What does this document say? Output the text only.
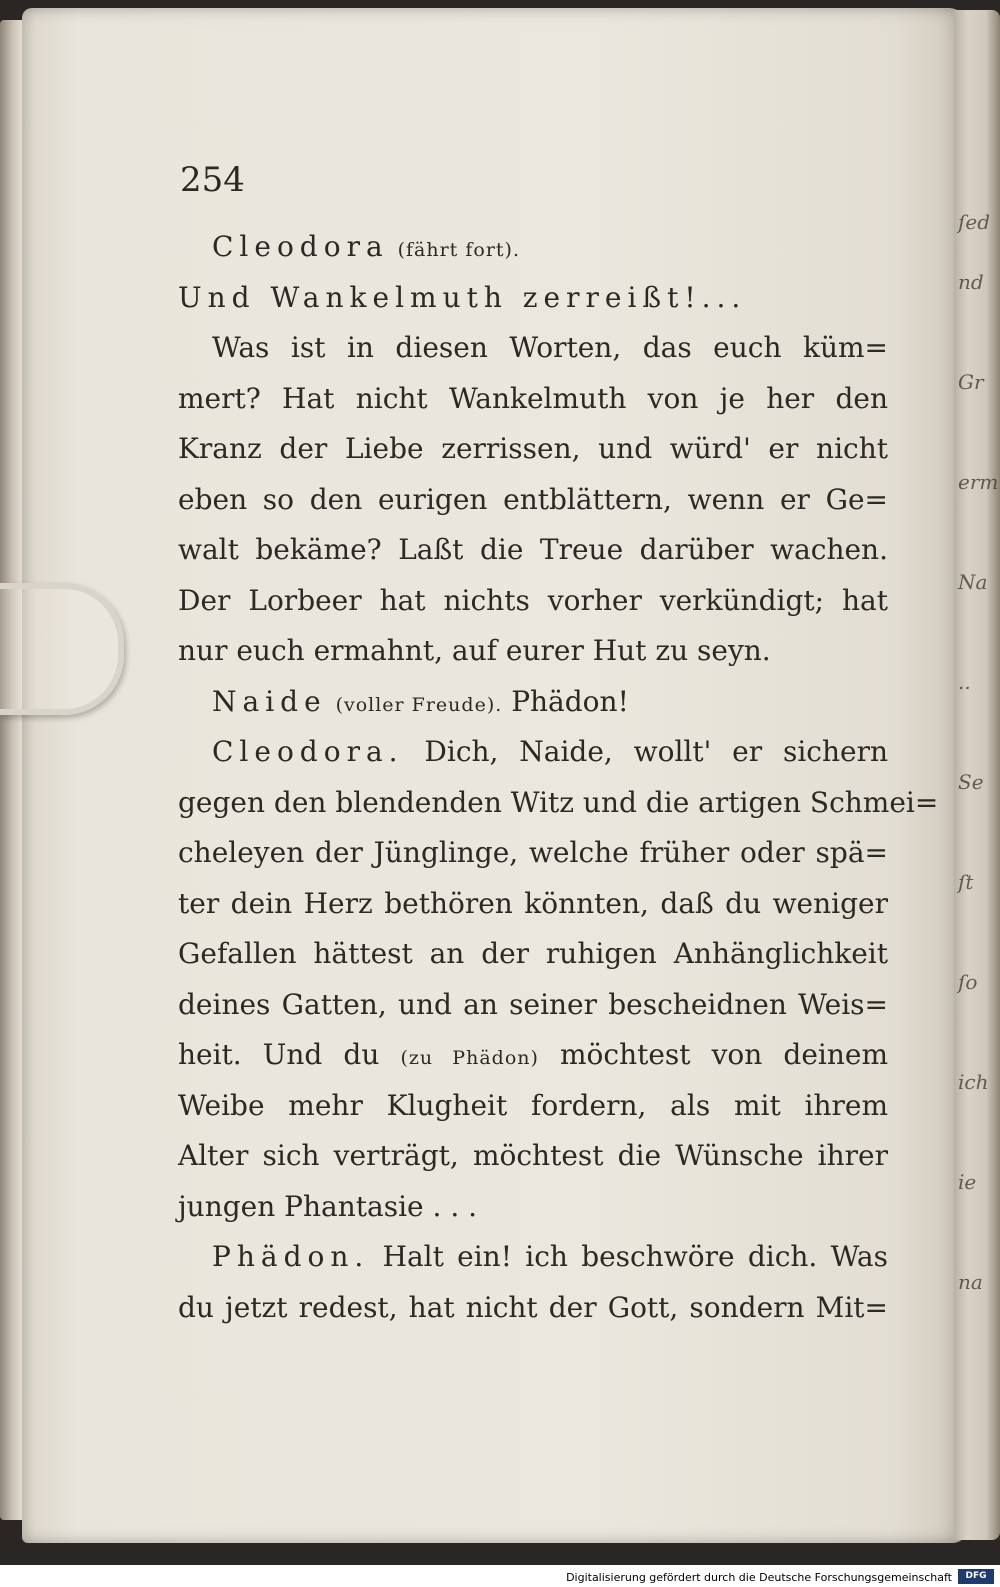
ſed
nd
Gr
erm
Na
..
Se
ſt
ſo
ich
ie
na
254
Cleodora (fährt fort).
Und Wankelmuth zerreißt!...
Was ist in diesen Worten, das euch küm=
mert? Hat nicht Wankelmuth von je her den
Kranz der Liebe zerrissen, und würd' er nicht
eben so den eurigen entblättern, wenn er Ge=
walt bekäme? Laßt die Treue darüber wachen.
Der Lorbeer hat nichts vorher verkündigt; hat
nur euch ermahnt, auf eurer Hut zu seyn.
Naide (voller Freude). Phädon!
Cleodora. Dich, Naide, wollt' er sichern
gegen den blendenden Witz und die artigen Schmei=
cheleyen der Jünglinge, welche früher oder spä=
ter dein Herz bethören könnten, daß du weniger
Gefallen hättest an der ruhigen Anhänglichkeit
deines Gatten, und an seiner bescheidnen Weis=
heit. Und du (zu Phädon) möchtest von deinem
Weibe mehr Klugheit fordern, als mit ihrem
Alter sich verträgt, möchtest die Wünsche ihrer
jungen Phantasie . . .
Phädon. Halt ein! ich beschwöre dich. Was
du jetzt redest, hat nicht der Gott, sondern Mit=
Digitalisierung gefördert durch die Deutsche Forschungsgemeinschaft	DFG
